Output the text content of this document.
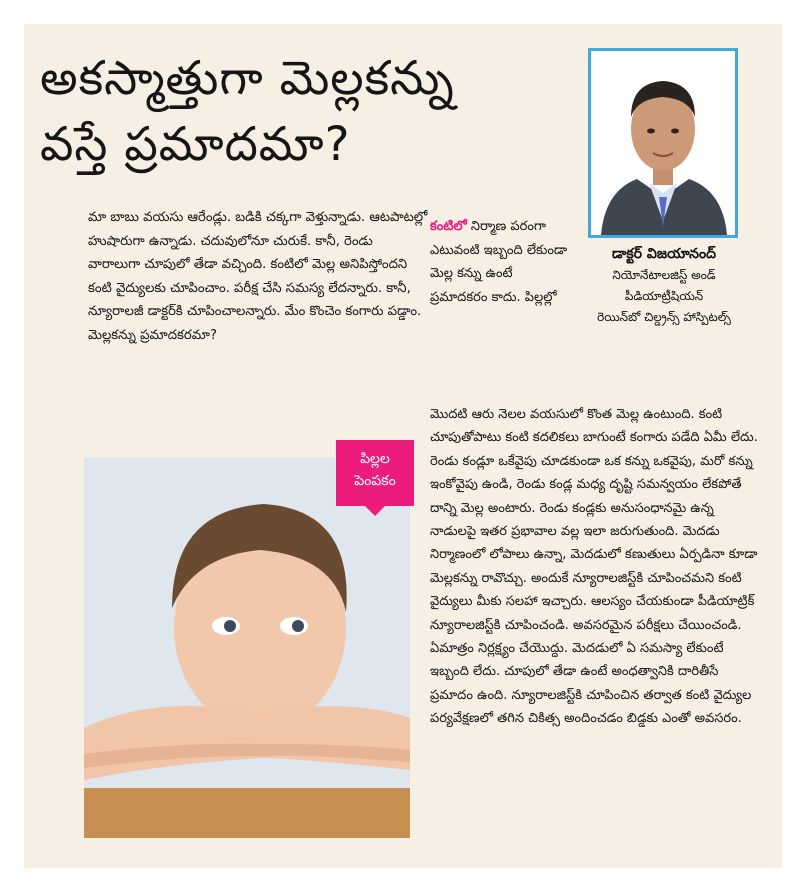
అకస్మాత్తుగా మెల్లకన్ను
వస్తే ప్రమాదమా?
డాక్టర్ విజయానంద్
నియోనేటాలజిస్ట్ అండ్
పీడియాట్రీషియన్
రెయిన్‌బో చిల్డ్రన్స్ హాస్పిటల్స్
మా బాబు వయసు ఆరేండ్లు. బడికి చక్కగా వెళ్తున్నాడు. ఆటపాటల్లో హుషారుగా ఉన్నాడు. చదువులోనూ చురుకే. కానీ, రెండు వారాలుగా చూపులో తేడా వచ్చింది. కంటిలో మెల్ల అనిపిస్తోందని కంటి వైద్యులకు చూపించాం. పరీక్ష చేసి సమస్య లేదన్నారు. కానీ, న్యూరాలజీ డాక్టర్‌కి చూపించాలన్నారు. మేం కొంచెం కంగారు పడ్డాం. మెల్లకన్ను ప్రమాదకరమా?
కంటిలో నిర్మాణ పరంగా ఎటువంటి ఇబ్బంది లేకుండా మెల్ల కన్ను ఉంటే ప్రమాదకరం కాదు. పిల్లల్లో
మొదటి ఆరు నెలల వయసులో కొంత మెల్ల ఉంటుంది. కంటి చూపుతోపాటు కంటి కదలికలు బాగుంటే కంగారు పడేది ఏమీ లేదు. రెండు కండ్లూ ఒకేవైపు చూడకుండా ఒక కన్ను ఒకవైపు, మరో కన్ను ఇంకోవైపు ఉండి, రెండు కండ్ల మధ్య దృష్టి సమన్వయం లేకపోతే దాన్ని మెల్ల అంటారు. రెండు కండ్లకు అనుసంధానమై ఉన్న నాడులపై ఇతర ప్రభావాల వల్ల ఇలా జరుగుతుంది. మెదడు నిర్మాణంలో లోపాలు ఉన్నా, మెదడులో కణుతులు ఏర్పడినా కూడా మెల్లకన్ను రావొచ్చు. అందుకే న్యూరాలజిస్ట్‌కి చూపించమని కంటి వైద్యులు మీకు సలహా ఇచ్చారు. ఆలస్యం చేయకుండా పీడియాట్రిక్ న్యూరాలజిస్ట్‌కి చూపించండి. అవసరమైన పరీక్షలు చేయించండి. ఏమాత్రం నిర్లక్ష్యం చేయొద్దు. మెదడులో ఏ సమస్యా లేకుంటే ఇబ్బంది లేదు. చూపులో తేడా ఉంటే అంధత్వానికి దారితీసే ప్రమాదం ఉంది. న్యూరాలజిస్ట్‌కి చూపించిన తర్వాత కంటి వైద్యుల పర్యవేక్షణలో తగిన చికిత్స అందించడం బిడ్డకు ఎంతో అవసరం.
పిల్లల
పెంపకం
